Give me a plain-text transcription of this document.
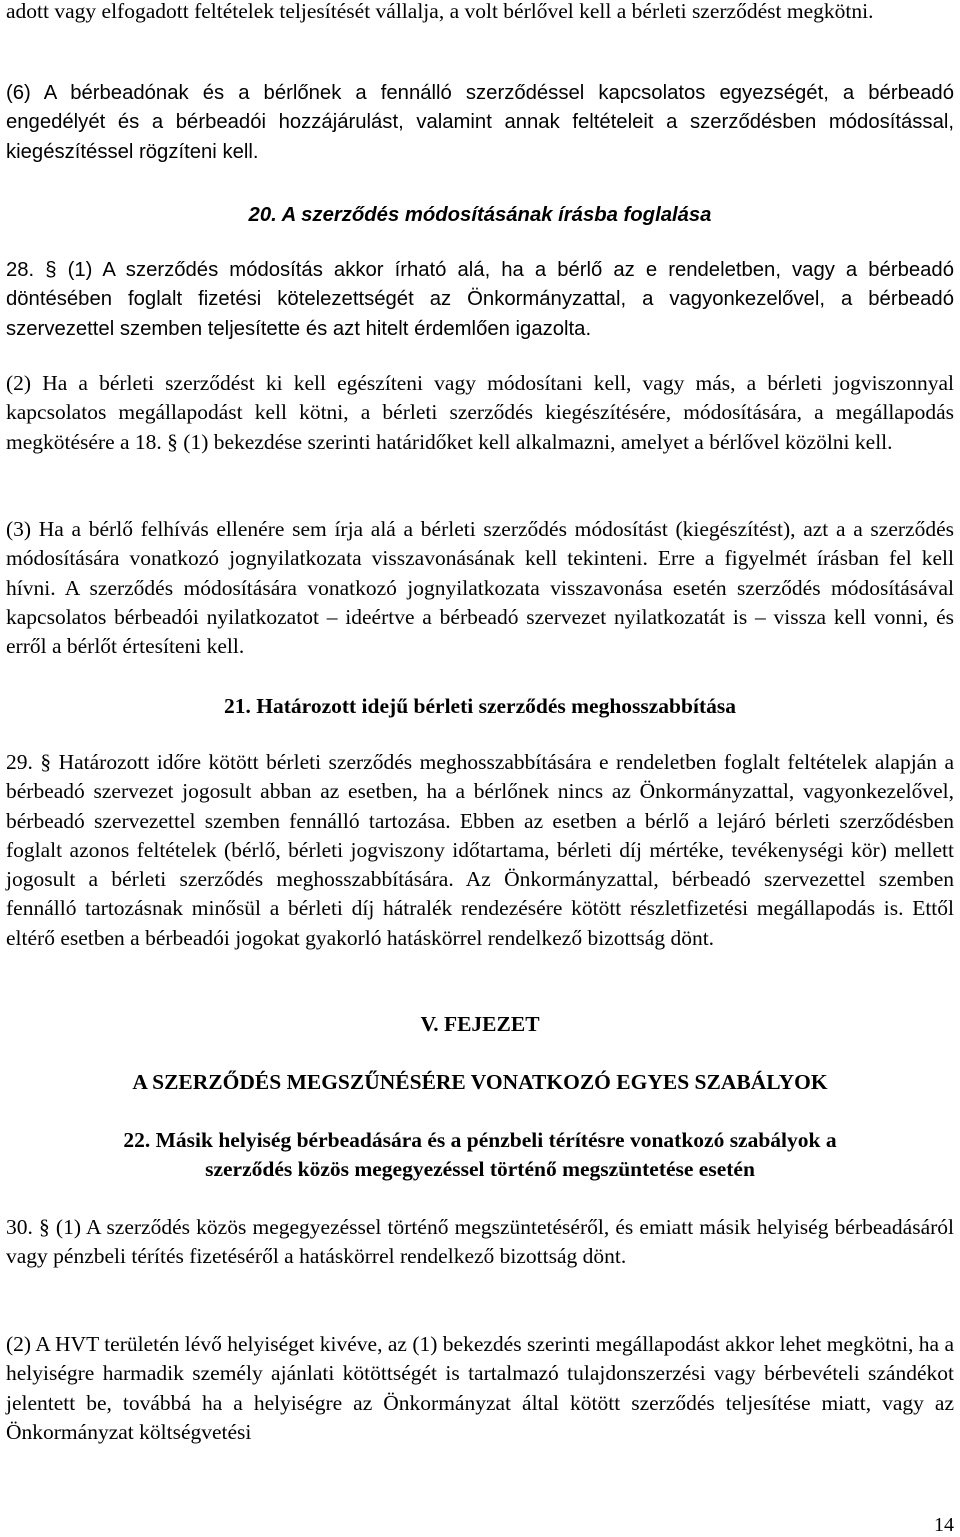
adott vagy elfogadott feltételek teljesítését vállalja, a volt bérlővel kell a bérleti szerződést megkötni.

(6) A bérbeadónak és a bérlőnek a fennálló szerződéssel kapcsolatos egyezségét, a bérbeadó engedélyét és a bérbeadói hozzájárulást, valamint annak feltételeit a szerződésben módosítással, kiegészítéssel rögzíteni kell.

20. A szerződés módosításának írásba foglalása

28. § (1) A szerződés módosítás akkor írható alá, ha a bérlő az e rendeletben, vagy a bérbeadó döntésében foglalt fizetési kötelezettségét az Önkormányzattal, a vagyonkezelővel, a bérbeadó szervezettel szemben teljesítette és azt hitelt érdemlően igazolta.

(2) Ha a bérleti szerződést ki kell egészíteni vagy módosítani kell, vagy más, a bérleti jogviszonnyal kapcsolatos megállapodást kell kötni, a bérleti szerződés kiegészítésére, módosítására, a megállapodás megkötésére a 18. § (1) bekezdése szerinti határidőket kell alkalmazni, amelyet a bérlővel közölni kell.

(3) Ha a bérlő felhívás ellenére sem írja alá a bérleti szerződés módosítást (kiegészítést), azt a a szerződés módosítására vonatkozó jognyilatkozata visszavonásának kell tekinteni. Erre a figyelmét írásban fel kell hívni. A szerződés módosítására vonatkozó jognyilatkozata visszavonása esetén szerződés módosításával kapcsolatos bérbeadói nyilatkozatot – ideértve a bérbeadó szervezet nyilatkozatát is – vissza kell vonni, és erről a bérlőt értesíteni kell.

21. Határozott idejű bérleti szerződés meghosszabbítása

29. § Határozott időre kötött bérleti szerződés meghosszabbítására e rendeletben foglalt feltételek alapján a bérbeadó szervezet jogosult abban az esetben, ha a bérlőnek nincs az Önkormányzattal, vagyonkezelővel, bérbeadó szervezettel szemben fennálló tartozása. Ebben az esetben a bérlő a lejáró bérleti szerződésben foglalt azonos feltételek (bérlő, bérleti jogviszony időtartama, bérleti díj mértéke, tevékenységi kör) mellett jogosult a bérleti szerződés meghosszabbítására. Az Önkormányzattal, bérbeadó szervezettel szemben fennálló tartozásnak minősül a bérleti díj hátralék rendezésére kötött részletfizetési megállapodás is. Ettől eltérő esetben a bérbeadói jogokat gyakorló hatáskörrel rendelkező bizottság dönt.

V. FEJEZET
A SZERZŐDÉS MEGSZŰNÉSÉRE VONATKOZÓ EGYES SZABÁLYOK
22. Másik helyiség bérbeadására és a pénzbeli térítésre vonatkozó szabályok a
szerződés közös megegyezéssel történő megszüntetése esetén

30. § (1) A szerződés közös megegyezéssel történő megszüntetéséről, és emiatt másik helyiség bérbeadásáról vagy pénzbeli térítés fizetéséről a hatáskörrel rendelkező bizottság dönt.

(2) A HVT területén lévő helyiséget kivéve, az (1) bekezdés szerinti megállapodást akkor lehet megkötni, ha a helyiségre harmadik személy ajánlati kötöttségét is tartalmazó tulajdonszerzési vagy bérbevételi szándékot jelentett be, továbbá ha a helyiségre az Önkormányzat által kötött szerződés teljesítése miatt, vagy az Önkormányzat költségvetési

14
